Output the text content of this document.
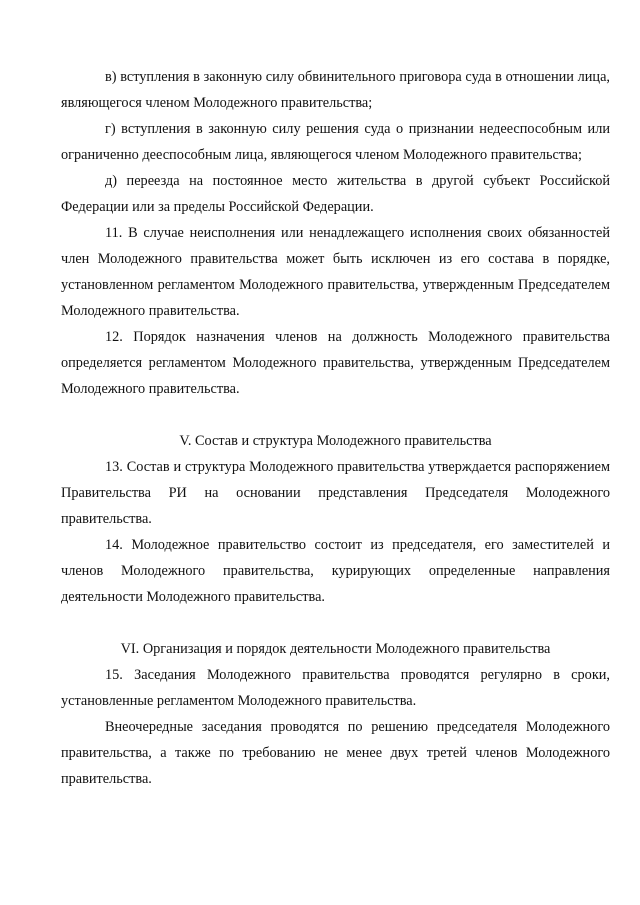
в) вступления в законную силу обвинительного приговора суда в отношении лица, являющегося членом Молодежного правительства;

г) вступления в законную силу решения суда о признании недееспособным или ограниченно дееспособным лица, являющегося членом Молодежного правительства;

д) переезда на постоянное место жительства в другой субъект Российской Федерации или за пределы Российской Федерации.

11. В случае неисполнения или ненадлежащего исполнения своих обязанностей член Молодежного правительства может быть исключен из его состава в порядке, установленном регламентом Молодежного правительства, утвержденным Председателем Молодежного правительства.

12. Порядок назначения членов на должность Молодежного правительства определяется регламентом Молодежного правительства, утвержденным Председателем Молодежного правительства.

V. Состав и структура Молодежного правительства

13. Состав и структура Молодежного правительства утверждается распоряжением Правительства РИ на основании представления Председателя Молодежного правительства.

14. Молодежное правительство состоит из председателя, его заместителей и членов Молодежного правительства, курирующих определенные направления деятельности Молодежного правительства.

VI. Организация и порядок деятельности Молодежного правительства

15. Заседания Молодежного правительства проводятся регулярно в сроки, установленные регламентом Молодежного правительства.

Внеочередные заседания проводятся по решению председателя Молодежного правительства, а также по требованию не менее двух третей членов Молодежного правительства.
